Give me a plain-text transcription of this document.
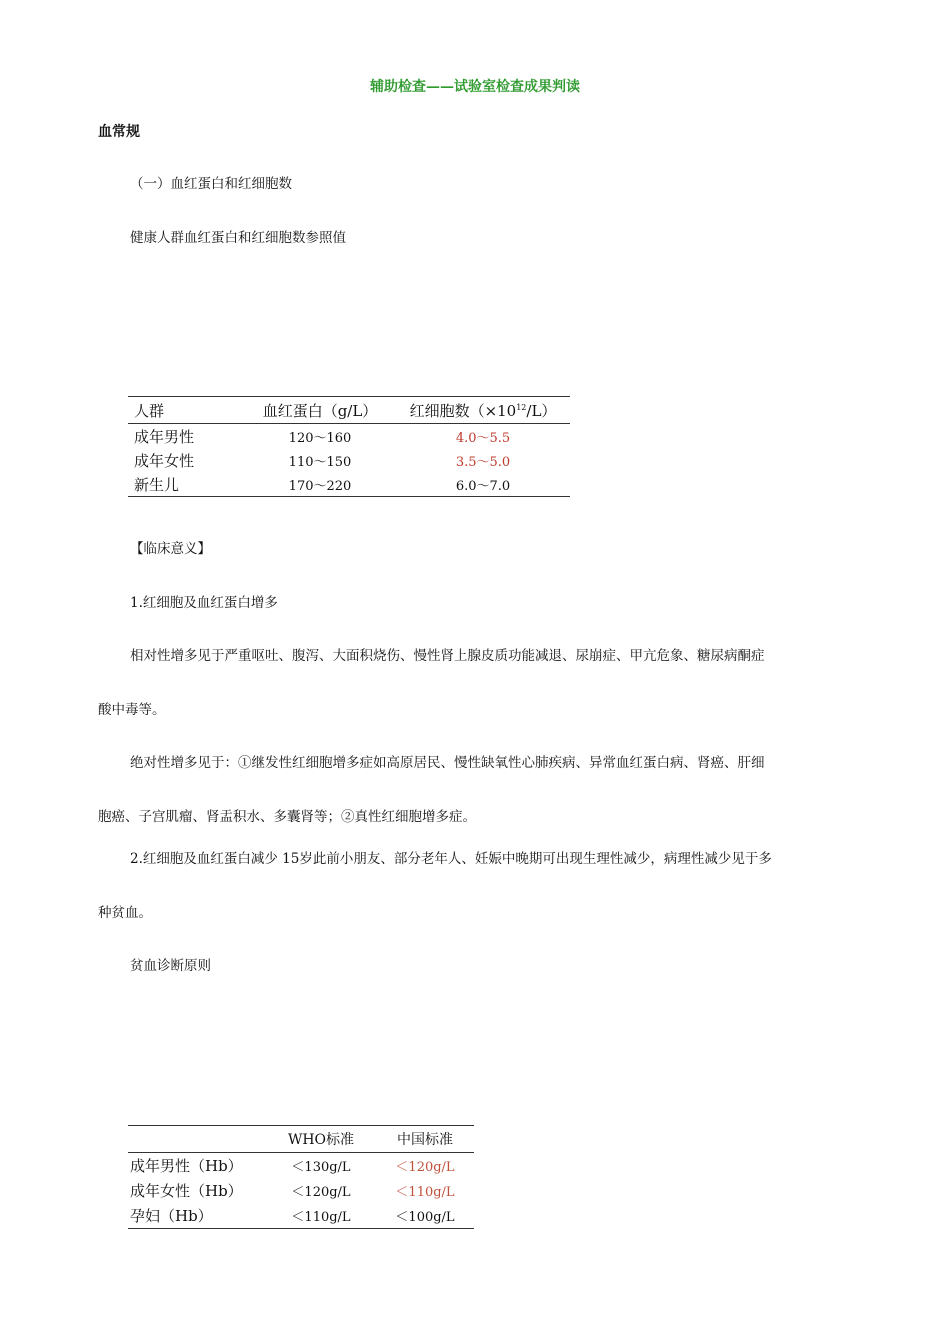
辅助检查——试验室检查成果判读
血常规
（一）血红蛋白和红细胞数
健康人群血红蛋白和红细胞数参照值
人群	血红蛋白（g/L）	红细胞数$(\times 10^{12}/L)$
成年男性	120～160	4.0～5.5
成年女性	110～150	3.5～5.0
新生儿	170～220	6.0～7.0
【临床意义】
1.红细胞及血红蛋白增多
相对性增多见于严重呕吐、腹泻、大面积烧伤、慢性肾上腺皮质功能减退、尿崩症、甲亢危象、糖尿病酮症
酸中毒等。
绝对性增多见于：①继发性红细胞增多症如高原居民、慢性缺氧性心肺疾病、异常血红蛋白病、肾癌、肝细
胞癌、子宫肌瘤、肾盂积水、多囊肾等；②真性红细胞增多症。
2.红细胞及血红蛋白减少 15岁此前小朋友、部分老年人、妊娠中晚期可出现生理性减少，病理性减少见于多
种贫血。
贫血诊断原则
	WHO标准	中国标准
成年男性（Hb）	＜130g/L	＜120g/L
成年女性（Hb）	＜120g/L	＜110g/L
孕妇（Hb）	＜110g/L	＜100g/L
